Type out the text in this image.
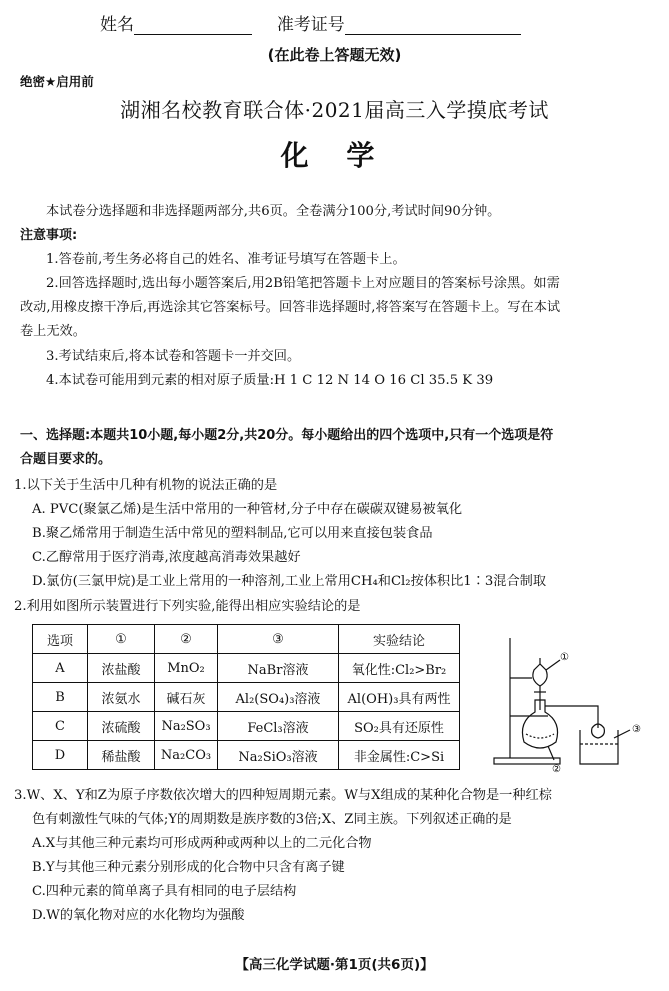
姓名	准考证号
(在此卷上答题无效)
绝密★启用前
湖湘名校教育联合体·2021届高三入学摸底考试
化 学
本试卷分选择题和非选择题两部分,共6页。全卷满分100分,考试时间90分钟。
注意事项:
1.答卷前,考生务必将自己的姓名、准考证号填写在答题卡上。
2.回答选择题时,选出每小题答案后,用2B铅笔把答题卡上对应题目的答案标号涂黑。如需
改动,用橡皮擦干净后,再选涂其它答案标号。回答非选择题时,将答案写在答题卡上。写在本试
卷上无效。
3.考试结束后,将本试卷和答题卡一并交回。
4.本试卷可能用到元素的相对原子质量:H 1 C 12 N 14 O 16 Cl 35.5 K 39
一、选择题:本题共10小题,每小题2分,共20分。每小题给出的四个选项中,只有一个选项是符
合题目要求的。
1.以下关于生活中几种有机物的说法正确的是
A. PVC(聚氯乙烯)是生活中常用的一种管材,分子中存在碳碳双键易被氧化
B.聚乙烯常用于制造生活中常见的塑料制品,它可以用来直接包装食品
C.乙醇常用于医疗消毒,浓度越高消毒效果越好
D.氯仿(三氯甲烷)是工业上常用的一种溶剂,工业上常用CH₄和Cl₂按体积比1∶3混合制取
2.利用如图所示装置进行下列实验,能得出相应实验结论的是
选项	①	②	③	实验结论
A	浓盐酸	MnO₂	NaBr溶液	氧化性:Cl₂>Br₂
B	浓氨水	碱石灰	Al₂(SO₄)₃溶液	Al(OH)₃具有两性
C	浓硫酸	Na₂SO₃	FeCl₃溶液	SO₂具有还原性
D	稀盐酸	Na₂CO₃	Na₂SiO₃溶液	非金属性:C>Si
①
②
③
3.W、X、Y和Z为原子序数依次增大的四种短周期元素。W与X组成的某种化合物是一种红棕
色有刺激性气味的气体;Y的周期数是族序数的3倍;X、Z同主族。下列叙述正确的是
A.X与其他三种元素均可形成两种或两种以上的二元化合物
B.Y与其他三种元素分别形成的化合物中只含有离子键
C.四种元素的简单离子具有相同的电子层结构
D.W的氧化物对应的水化物均为强酸
【高三化学试题·第1页(共6页)】
